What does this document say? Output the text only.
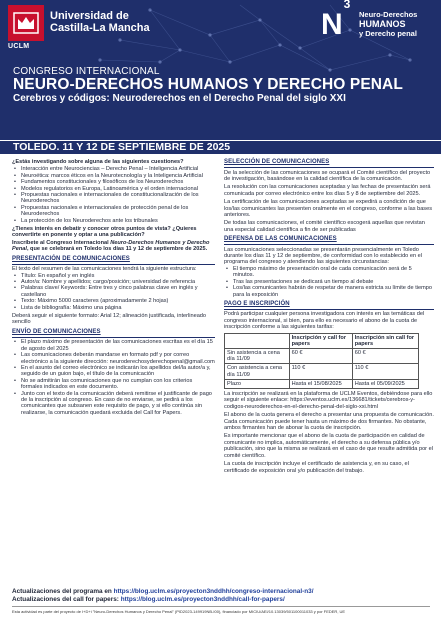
Universidad de
Castilla-La Mancha
UCLM
$N^3$
Neuro-Derechos
HUMANOS
y Derecho penal
CONGRESO INTERNACIONAL
NEURO-DERECHOS HUMANOS Y DERECHO PENAL
Cerebros y códigos: Neuroderechos en el Derecho Penal del siglo XXI
TOLEDO. 11 Y 12 DE SEPTIEMBRE DE 2025
¿Estás investigando sobre alguna de las siguientes cuestiones?
• Interacción entre Neurociencias – Derecho Penal – Inteligencia Artificial
• Neuroética: marcos éticos en la Neurotecnología y la Inteligencia Artificial
• Fundamentos constitucionales y filosóficos de los Neuroderechos
• Modelos regulatorios en Europa, Latinoamérica y el orden internacional
• Propuestas nacionales e internacionales de constitucionalización de los Neuroderechos
• Propuestas nacionales e internacionales de protección penal de los Neuroderechos
• La protección de los Neuroderechos ante los tribunales
¿Tienes interés en debatir y conocer otros puntos de vista? ¿Quieres convertirte en ponente y optar a una publicación?
Inscríbete al Congreso Internacional Neuro-Derechos Humanos y Derecho Penal, que se celebrará en Toledo los días 11 y 12 de septiembre de 2025.
PRESENTACIÓN DE COMUNICACIONES
El texto del resumen de las comunicaciones tendrá la siguiente estructura:
• Título: En español y en inglés
• Autor/a: Nombre y apellidos; cargo/posición; universidad de referencia
• Palabras clave/ Keywords: Entre tres y cinco palabras clave en inglés y castellano
• Texto: Máximo 5000 caracteres (aproximadamente 2 hojas)
• Lista de bibliografía: Máximo una página
Deberá seguir el siguiente formato: Arial 12; alineación justificada, interlineado sencillo
ENVÍO DE COMUNICACIONES
• El plazo máximo de presentación de las comunicaciones escritas es el día 15 de agosto del 2025
• Las comunicaciones deberán mandarse en formato pdf y por correo electrónico a la siguiente dirección: neuroderechosyderechopenal@gmail.com
• En el asunto del correo electrónico se indicarán los apellidos del/la autor/a y, seguido de un guion bajo, el título de la comunicación
• No se admitirán las comunicaciones que no cumplan con los criterios formales indicados en este documento.
• Junto con el texto de la comunicación deberá remitirse el justificante de pago de la inscripción al congreso. En caso de no enviarse, se pedirá a los comunicantes que subsanen este requisito de pago, y si ello continúa sin realizarse, la comunicación quedará excluida del Call for Papers.
SELECCIÓN DE COMUNICACIONES
De la selección de las comunicaciones se ocupará el Comité científico del proyecto de investigación, basándose en la calidad científica de la comunicación.
La resolución con las comunicaciones aceptadas y las fechas de presentación será comunicada por correo electrónico entre los días 5 y 8 de septiembre del 2025.
La certificación de las comunicaciones aceptadas se expedirá a condición de que los/las comunicantes las presenten oralmente en el congreso, conforme a las bases anteriores.
De todas las comunicaciones, el comité científico escogerá aquellas que revistan una especial calidad científica a fin de ser publicadas
DEFENSA DE LAS COMUNICACIONES
Las comunicaciones seleccionadas se presentarán presencialmente en Toledo durante los días 11 y 12 de septiembre, de conformidad con lo establecido en el programa del congreso y atendiendo las siguientes circunstancias:
• El tiempo máximo de presentación oral de cada comunicación será de 5 minutos.
• Tras las presentaciones se dedicará un tiempo al debate
• Los/las comunicantes habrán de respetar de manera estricta su límite de tiempo para la exposición
PAGO E INSCRIPCIÓN
Podrá participar cualquier persona investigadora con interés en las temáticas del congreso internacional, si bien, para ello es necesario el abono de la cuota de inscripción conforme a las siguientes tarifas:
	Inscripción y call for papers	Inscripción sin call for papers
Sin asistencia a cena día 11/09	60 €	60 €
Con asistencia a cena día 11/09	110 €	110 €
Plazo	Hasta el 15/08/2025	Hasta el 05/09/2025
La inscripción se realizará en la plataforma de UCLM Eventos, debiéndose para ello seguir el siguiente enlace: https://eventos.uclm.es/136681/tickets/cerebros-y-codigos-neuroderechos-en-el-derecho-penal-del-siglo-xxi.html
El abono de la cuota genera el derecho a presentar una propuesta de comunicación. Cada comunicación puede tener hasta un máximo de dos firmantes. No obstante, ambos firmantes han de abonar la cuota de inscripción.
Es importante mencionar que el abono de la cuota de participación en calidad de comunicante no implica, automáticamente, el derecho a su defensa pública y/o publicación, sino que la misma se realizará en el caso de que resulte admitida por el comité científico.
La cuota de inscripción incluye el certificado de asistencia y, en su caso, el certificado de exposición oral y/o publicación del trabajo.
Actualizaciones del programa en https://blog.uclm.es/proyecton3nddhh/congreso-internacional-n3/
Actualizaciones del call for papers: https://blog.uclm.es/proyecton3nddhh/call-for-papers/
Esta actividad es parte del proyecto de I+D+i "Neuro-Derechos Humanos y Derecho Penal" (PID2023-149919NB-I00), financiado por MICIU/AEI/10.13039/501100011033 y por FEDER, UE
